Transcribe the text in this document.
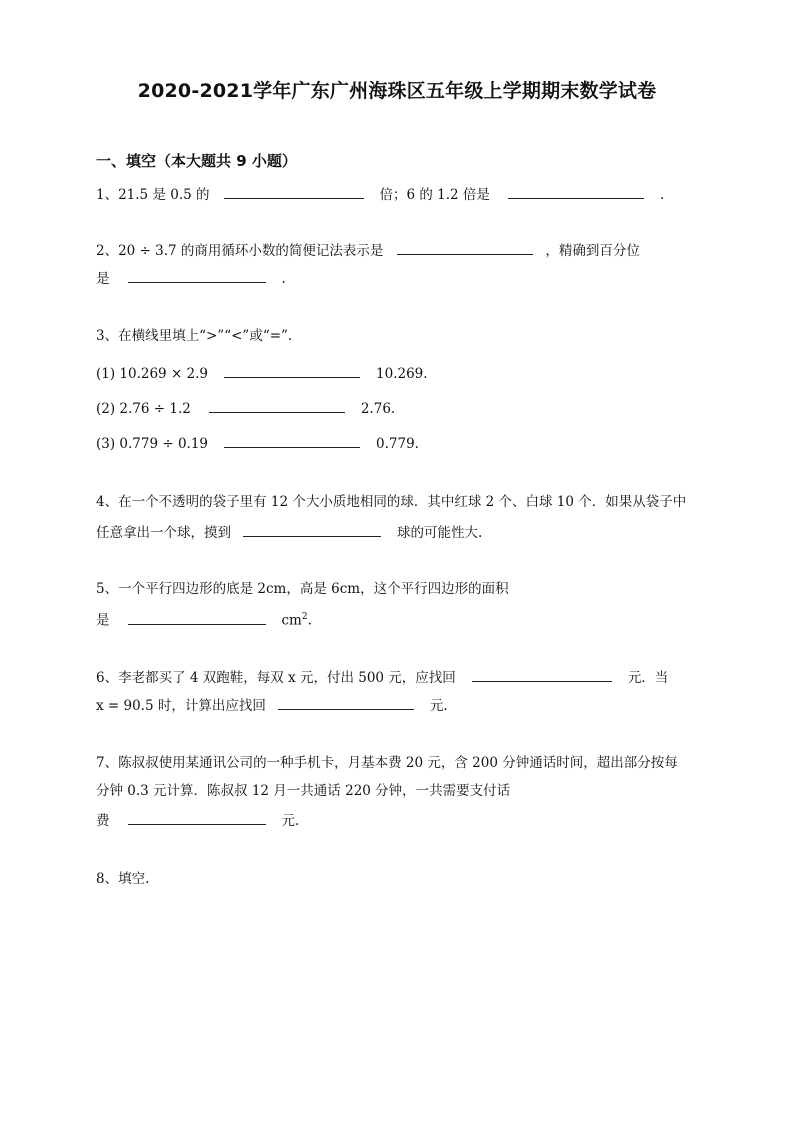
2020-2021学年广东广州海珠区五年级上学期期末数学试卷
一、填空（本大题共 9 小题）
1、21.5 是 0.5 的	倍；6 的 1.2 倍是	.
2、20 ÷ 3.7 的商用循环小数的简便记法表示是	，精确到百分位
是	.
3、在横线里填上“>”“<”或“=”.
(1) 10.269 × 2.9	10.269.
(2) 2.76 ÷ 1.2	2.76.
(3) 0.779 ÷ 0.19	0.779.
4、在一个不透明的袋子里有 12 个大小质地相同的球．其中红球 2 个、白球 10 个．如果从袋子中
任意拿出一个球，摸到	球的可能性大.
5、一个平行四边形的底是 2cm，高是 6cm，这个平行四边形的面积
是	$cm^2$.
6、李老都买了 4 双跑鞋，每双 x 元，付出 500 元，应找回	元．当
x = 90.5 时，计算出应找回	元.
7、陈叔叔使用某通讯公司的一种手机卡，月基本费 20 元，含 200 分钟通话时间，超出部分按每
分钟 0.3 元计算．陈叔叔 12 月一共通话 220 分钟，一共需要支付话
费	元.
8、填空.
